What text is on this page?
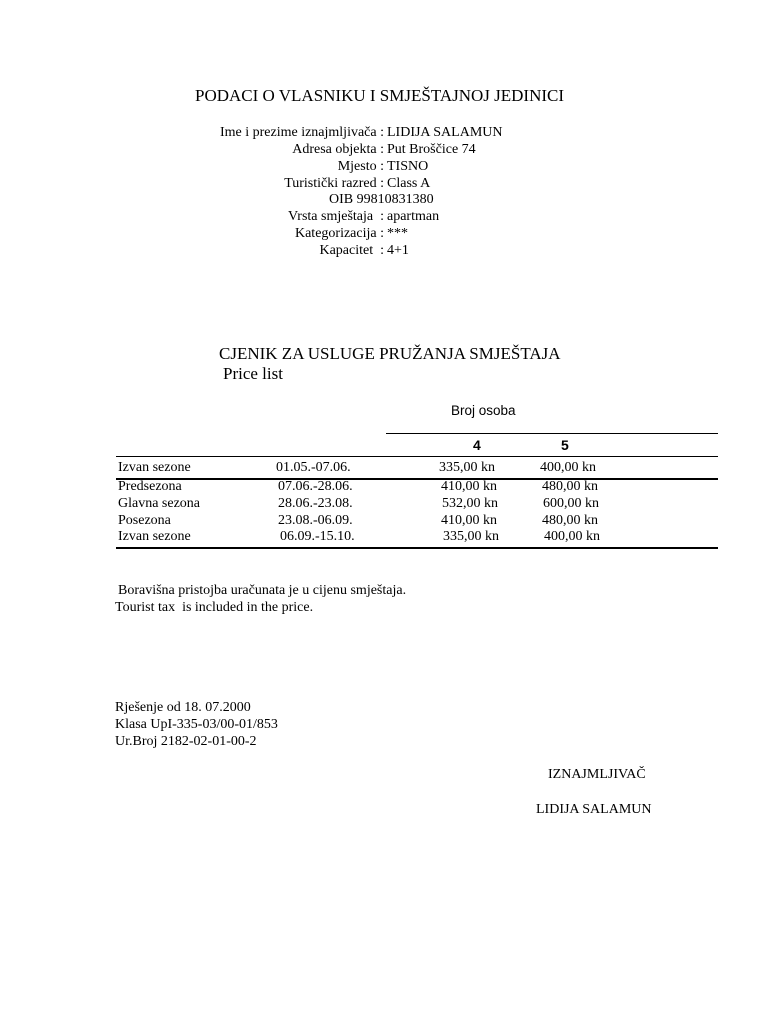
PODACI O VLASNIKU I SMJEŠTAJNOJ JEDINICI
Ime i prezime iznajmljivača : LIDIJA SALAMUN
Adresa objekta : Put Broščice 74
Mjesto : TISNO
Turistički razred : Class A
OIB 99810831380
Vrsta smještaja  : apartman
Kategorizacija : ***
Kapacitet  : 4+1
CJENIK ZA USLUGE PRUŽANJA SMJEŠTAJA
Price list
Broj osoba
4	5
Izvan sezone	01.05.-07.06.	335,00 kn	400,00 kn
Predsezona	07.06.-28.06.	410,00 kn	480,00 kn
Glavna sezona	28.06.-23.08.	532,00 kn	600,00 kn
Posezona	23.08.-06.09.	410,00 kn	480,00 kn
Izvan sezone	06.09.-15.10.	335,00 kn	400,00 kn
Boravišna pristojba uračunata je u cijenu smještaja.
Tourist tax  is included in the price.
Rješenje od 18. 07.2000
Klasa UpI-335-03/00-01/853
Ur.Broj 2182-02-01-00-2
IZNAJMLJIVAČ
LIDIJA SALAMUN
